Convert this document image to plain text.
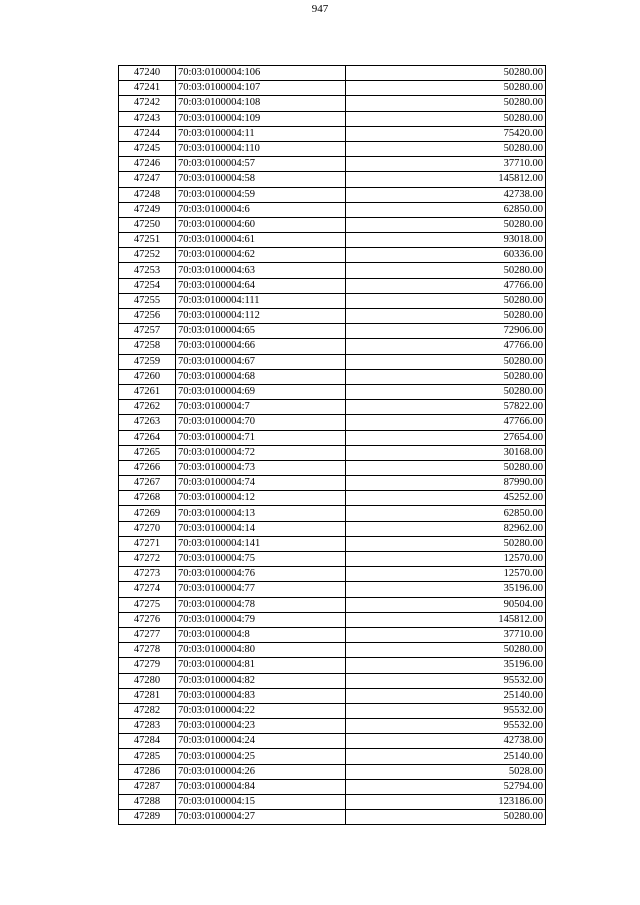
947
47240	70:03:0100004:106	50280.00
47241	70:03:0100004:107	50280.00
47242	70:03:0100004:108	50280.00
47243	70:03:0100004:109	50280.00
47244	70:03:0100004:11	75420.00
47245	70:03:0100004:110	50280.00
47246	70:03:0100004:57	37710.00
47247	70:03:0100004:58	145812.00
47248	70:03:0100004:59	42738.00
47249	70:03:0100004:6	62850.00
47250	70:03:0100004:60	50280.00
47251	70:03:0100004:61	93018.00
47252	70:03:0100004:62	60336.00
47253	70:03:0100004:63	50280.00
47254	70:03:0100004:64	47766.00
47255	70:03:0100004:111	50280.00
47256	70:03:0100004:112	50280.00
47257	70:03:0100004:65	72906.00
47258	70:03:0100004:66	47766.00
47259	70:03:0100004:67	50280.00
47260	70:03:0100004:68	50280.00
47261	70:03:0100004:69	50280.00
47262	70:03:0100004:7	57822.00
47263	70:03:0100004:70	47766.00
47264	70:03:0100004:71	27654.00
47265	70:03:0100004:72	30168.00
47266	70:03:0100004:73	50280.00
47267	70:03:0100004:74	87990.00
47268	70:03:0100004:12	45252.00
47269	70:03:0100004:13	62850.00
47270	70:03:0100004:14	82962.00
47271	70:03:0100004:141	50280.00
47272	70:03:0100004:75	12570.00
47273	70:03:0100004:76	12570.00
47274	70:03:0100004:77	35196.00
47275	70:03:0100004:78	90504.00
47276	70:03:0100004:79	145812.00
47277	70:03:0100004:8	37710.00
47278	70:03:0100004:80	50280.00
47279	70:03:0100004:81	35196.00
47280	70:03:0100004:82	95532.00
47281	70:03:0100004:83	25140.00
47282	70:03:0100004:22	95532.00
47283	70:03:0100004:23	95532.00
47284	70:03:0100004:24	42738.00
47285	70:03:0100004:25	25140.00
47286	70:03:0100004:26	5028.00
47287	70:03:0100004:84	52794.00
47288	70:03:0100004:15	123186.00
47289	70:03:0100004:27	50280.00
